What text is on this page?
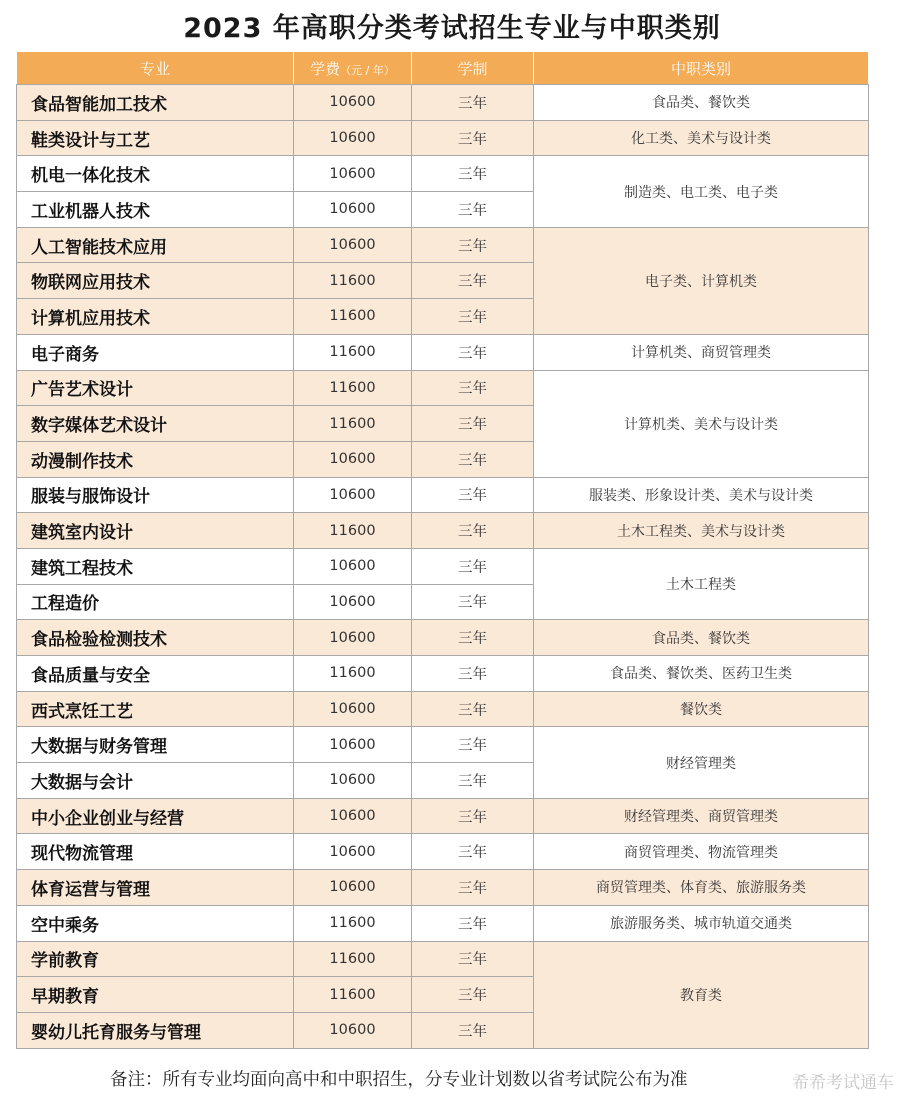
2023 年高职分类考试招生专业与中职类别
专业	学费（元 / 年）	学制	中职类别
食品智能加工技术	10600	三年	食品类、餐饮类
鞋类设计与工艺	10600	三年	化工类、美术与设计类
机电一体化技术	10600	三年	制造类、电工类、电子类
工业机器人技术	10600	三年	
人工智能技术应用	10600	三年	电子类、计算机类
物联网应用技术	11600	三年	
计算机应用技术	11600	三年	
电子商务	11600	三年	计算机类、商贸管理类
广告艺术设计	11600	三年	计算机类、美术与设计类
数字媒体艺术设计	11600	三年	
动漫制作技术	10600	三年	
服装与服饰设计	10600	三年	服装类、形象设计类、美术与设计类
建筑室内设计	11600	三年	土木工程类、美术与设计类
建筑工程技术	10600	三年	土木工程类
工程造价	10600	三年	
食品检验检测技术	10600	三年	食品类、餐饮类
食品质量与安全	11600	三年	食品类、餐饮类、医药卫生类
西式烹饪工艺	10600	三年	餐饮类
大数据与财务管理	10600	三年	财经管理类
大数据与会计	10600	三年	
中小企业创业与经营	10600	三年	财经管理类、商贸管理类
现代物流管理	10600	三年	商贸管理类、物流管理类
体育运营与管理	10600	三年	商贸管理类、体育类、旅游服务类
空中乘务	11600	三年	旅游服务类、城市轨道交通类
学前教育	11600	三年	教育类
早期教育	11600	三年	
婴幼儿托育服务与管理	10600	三年	
备注：所有专业均面向高中和中职招生，分专业计划数以省考试院公布为准	希希考试通车
